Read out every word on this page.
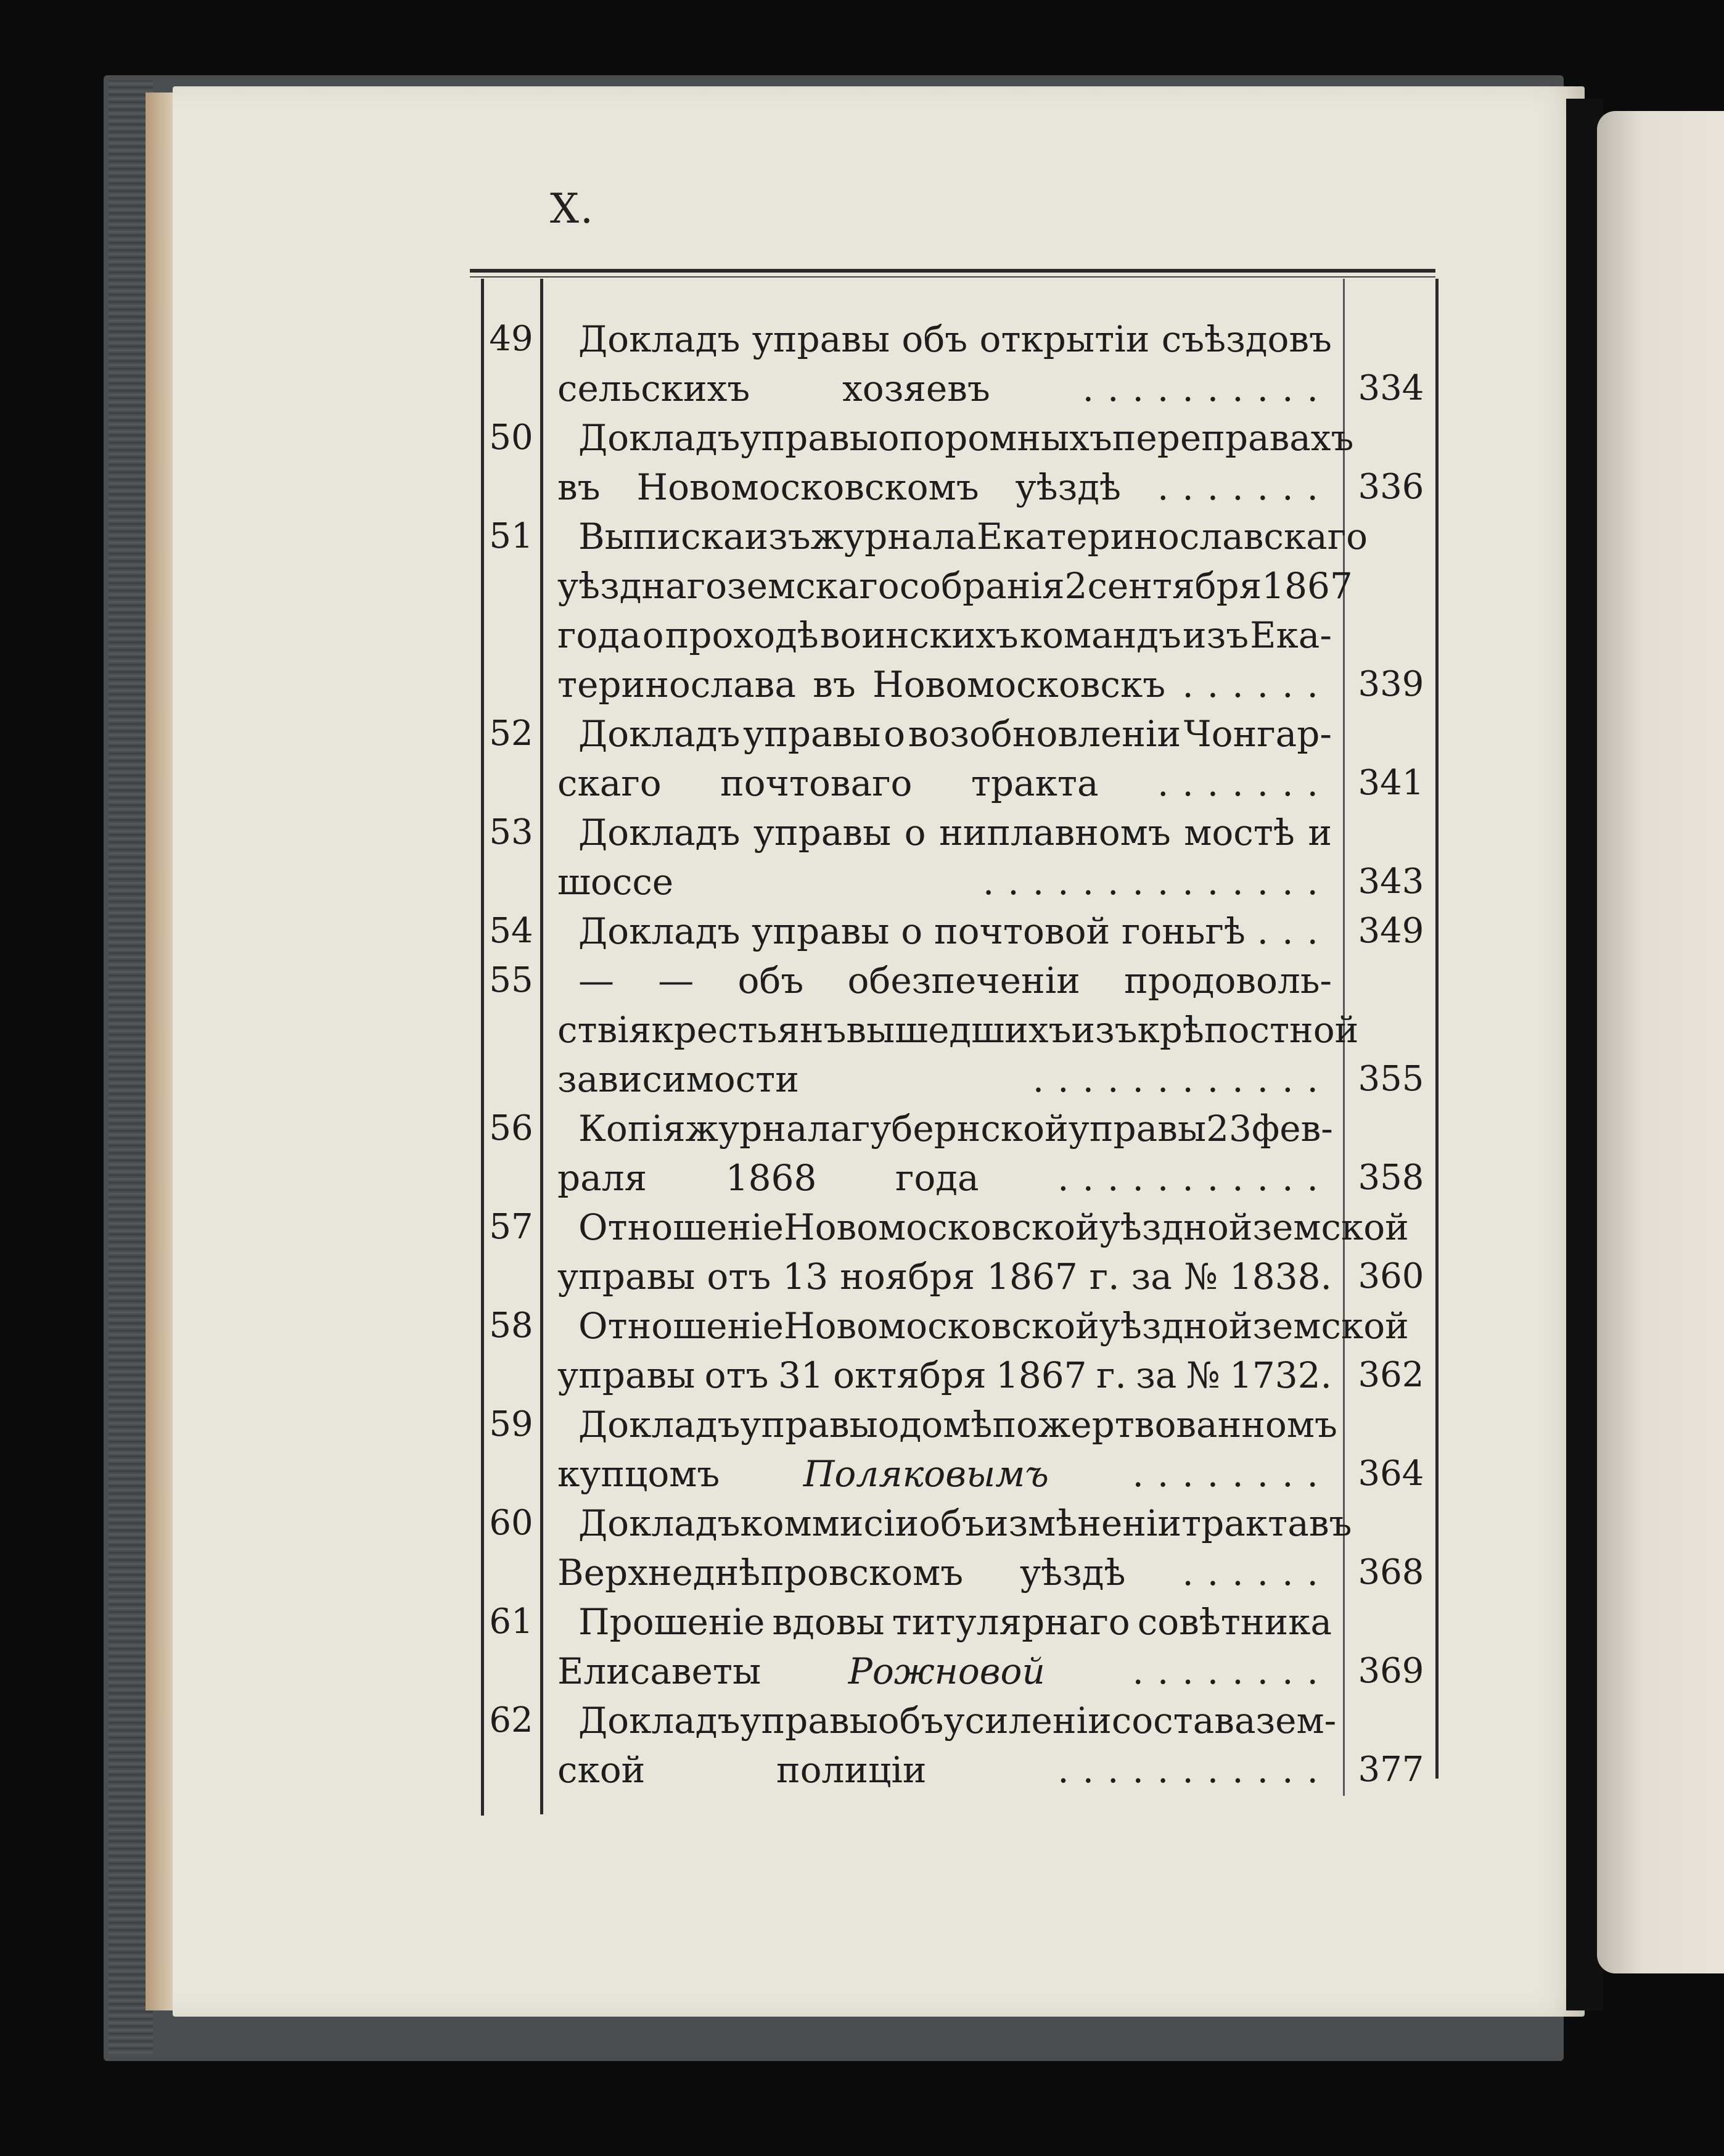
X.
49 Докладъ управы объ открытіи съѣздовъ
сельскихъ	хозяевъ	.......... 334
50 Докладъ управы о поромныхъ переправахъ
въ Новомосковскомъ уѣздѣ ....... 336
51 Выписка изъ журнала Екатеринославскаго
уѣзднаго земскаго собранія 2 сентября 1867
года о проходѣ воинскихъ командъ изъ Ека-
теринослава въ Новомосковскъ ...... 339
52 Докладъ управы о возобновленіи Чонгар-
скаго почтоваго тракта ....... 341
53 Докладъ управы о ниплавномъ мостѣ и
шоссе	.............. 343
54 Докладъ управы о почтовой гоньгѣ ... 349
55 — — объ обезпеченіи продоволь-
ствія крестьянъ вышедшихъ изъ крѣпостной
зависимости	............ 355
56 Копія журнала губернской управы 23 фев-
раля 1868 года ........... 358
57 Отношеніе Новомосковской уѣздной земской
управы отъ 13 ноября 1867 г. за № 1838. 360
58 Отношеніе Новомосковской уѣздной земской
управы отъ 31 октября 1867 г. за № 1732. 362
59 Докладъ управы о домѣ пожертвованномъ
купцомъ Поляковымъ ........ 364
60 Докладъ коммисіи объ измѣненіи тракта въ
Верхнеднѣпровскомъ уѣздѣ ...... 368
61 Прошеніе вдовы титулярнаго совѣтника
Елисаветы Рожновой ........ 369
62 Докладъ управы объ усиленіи состава зем-
ской	полиціи	........... 377
